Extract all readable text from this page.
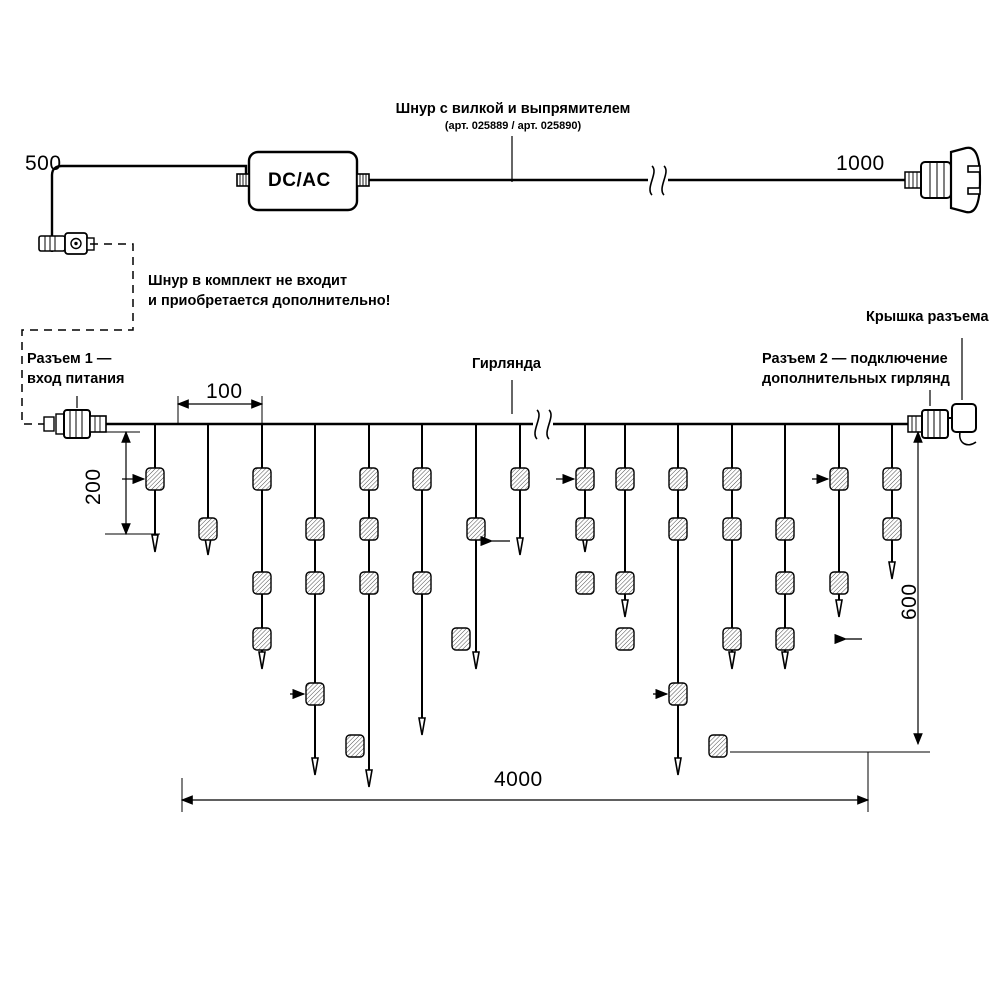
Шнур с вилкой и выпрямителем
(арт. 025889 / арт. 025890)
500	1000
DC/AC
Шнур в комплект не входит
и приобретается дополнительно!
Разъем 1 —
вход питания
Гирлянда	Разъем 2 — подключение
дополнительных гирлянд
Крышка разъема
100
200
600
4000
